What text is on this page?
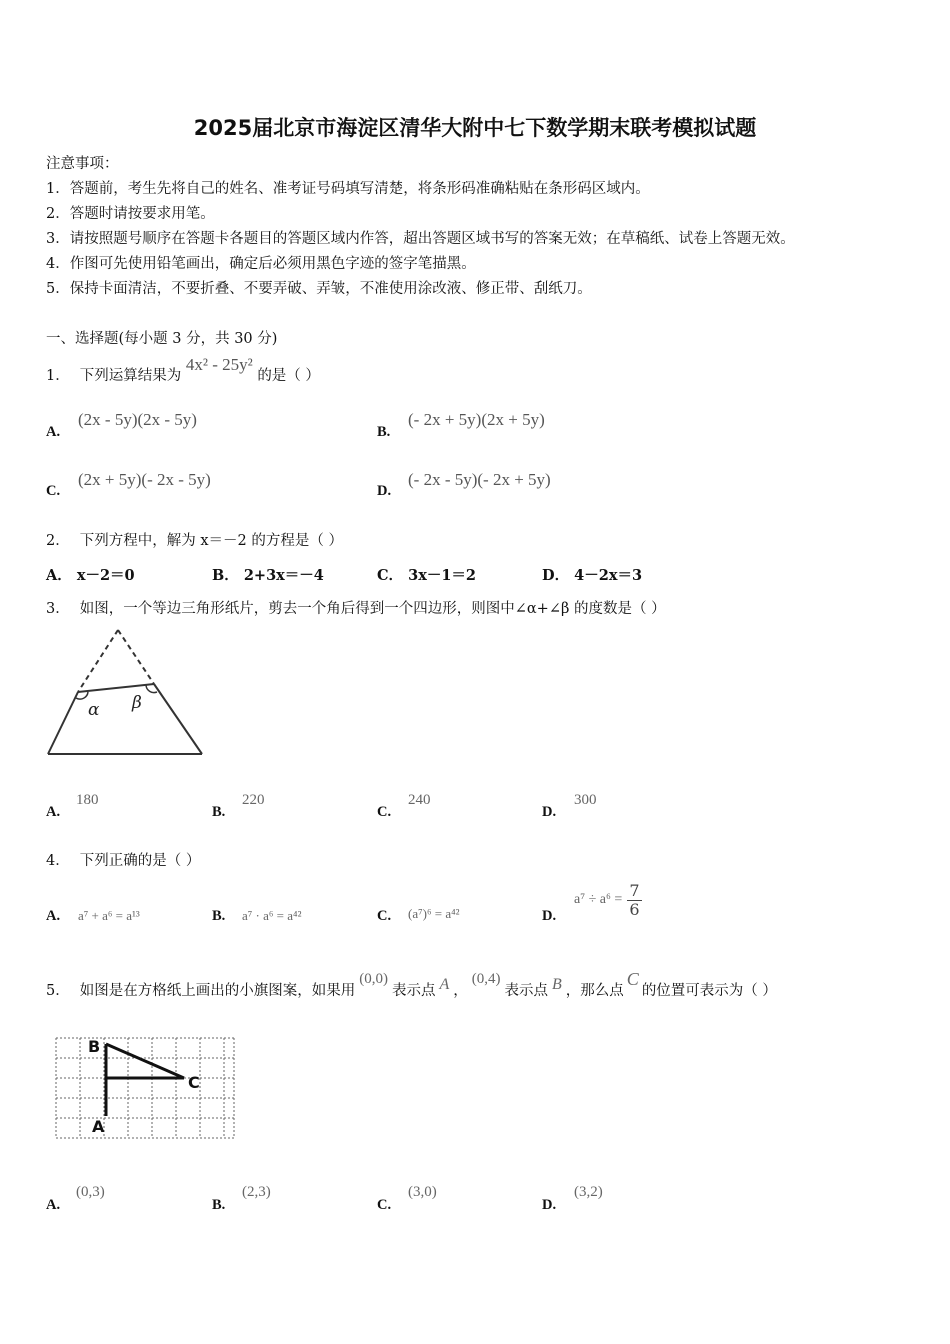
2025届北京市海淀区清华大附中七下数学期末联考模拟试题
注意事项：
1．答题前，考生先将自己的姓名、准考证号码填写清楚，将条形码准确粘贴在条形码区域内。
2．答题时请按要求用笔。
3．请按照题号顺序在答题卡各题目的答题区域内作答，超出答题区域书写的答案无效；在草稿纸、试卷上答题无效。
4．作图可先使用铅笔画出，确定后必须用黑色字迹的签字笔描黑。
5．保持卡面清洁，不要折叠、不要弄破、弄皱，不准使用涂改液、修正带、刮纸刀。
一、选择题(每小题 3 分，共 30 分)
1． 下列运算结果为 4x² - 25y² 的是（ ）
A.
(2x - 5y)(2x - 5y)
B.
(- 2x + 5y)(2x + 5y)
C.
(2x + 5y)(- 2x - 5y)
D.
(- 2x - 5y)(- 2x + 5y)
2． 下列方程中，解为 x＝－2 的方程是（ ）
A． x－2＝0	B． 2+3x＝－4	C． 3x－1＝2	D． 4－2x＝3
3． 如图，一个等边三角形纸片，剪去一个角后得到一个四边形，则图中∠α+∠β 的度数是（ ）
α β
A.
180
B.
220
C.
240
D.
300
4． 下列正确的是（ ）
A. a⁷ + a⁶ = a¹³	B. a⁷ · a⁶ = a⁴²	C. (a⁷)⁶ = a⁴²	D.
$a^7 \div a^6 = \frac{7}{6}$
5． 如图是在方格纸上画出的小旗图案，如果用(0,0)表示点 A ，(0,4)表示点 B ，那么点C的位置可表示为（ ）
B
C
A
A.
(0,3)
B.
(2,3)
C.
(3,0)
D.
(3,2)
